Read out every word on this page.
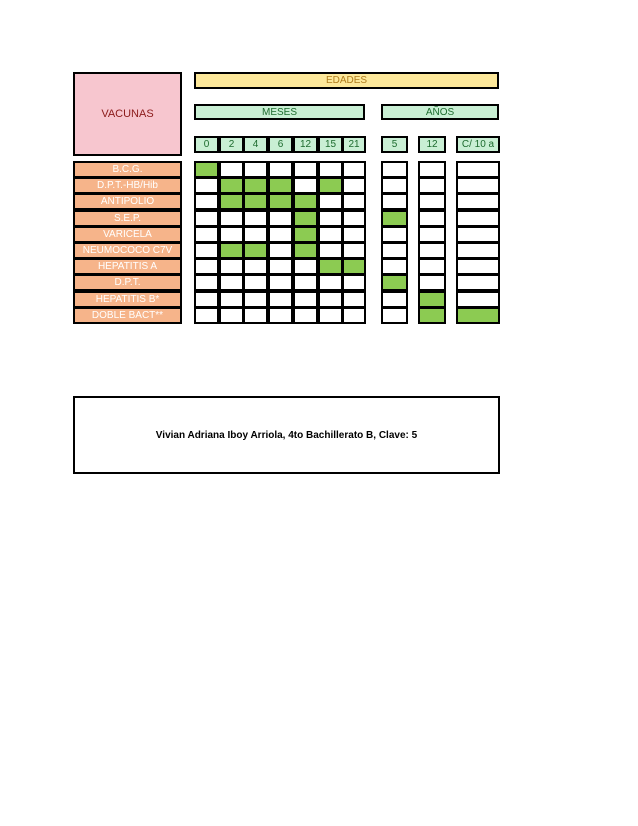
VACUNAS
EDADES
MESES	AÑOS
0	2	4	6	12	15	21	5	12	C/ 10 a
B.C.G.
D.P.T.-HB/Hib
ANTIPOLIO
S.E.P.
VARICELA
NEUMOCOCO C7V
HEPATITIS A
D.P.T.
HEPATITIS B*
DOBLE BACT**
Vivian Adriana Iboy Arriola, 4to Bachillerato B, Clave: 5
